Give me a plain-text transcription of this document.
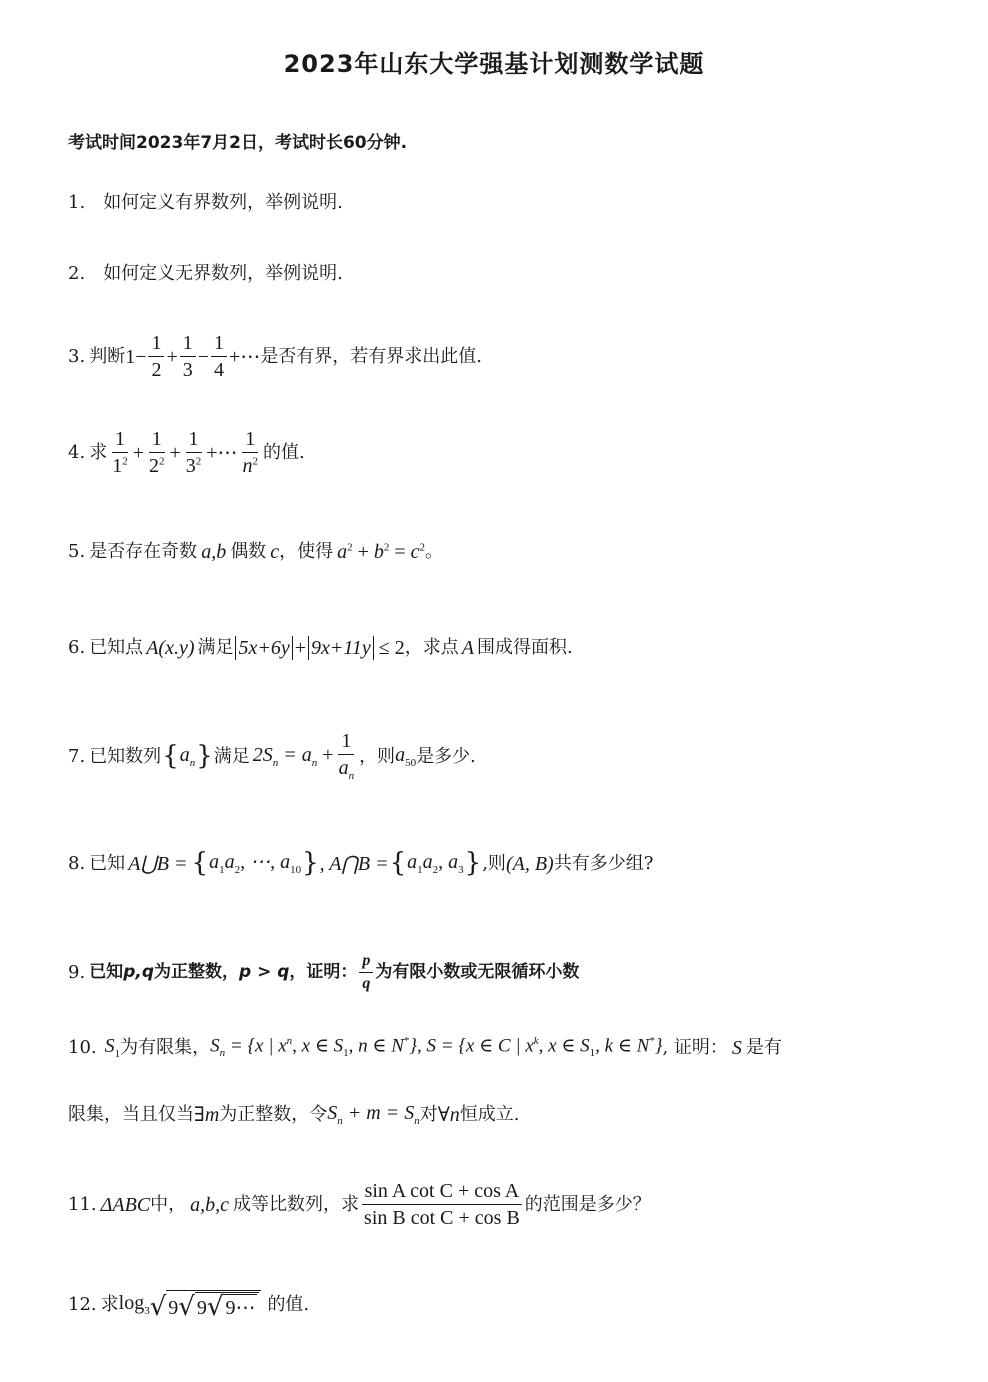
2023年山东大学强基计划测数学试题
考试时间2023年7月2日，考试时长60分钟.
1. 如何定义有界数列，举例说明.
2. 如何定义无界数列，举例说明.
3. 判断 $1 - \frac{1}{2} + \frac{1}{3} - \frac{1}{4}$ +⋯ 是否有界，若有界求出此值.
4. 求 $\frac{1}{1^2} + \frac{1}{2^2} + \frac{1}{3^2}$ +⋯ $\frac{1}{n^2}$ 的值.
5. 是否存在奇数 a,b 偶数 c ，使得 $a^2 + b^2 = c^2$ 。
6. 已知点 A(x.y) 满足 5x+6y + 9x+11y ≤ 2 ，求点 A 围成得面积.
7. 已知数列 { $a_n$ } 满足 $2S_n = a_n + \frac{1}{a_n}$ ，则 $a_{50}$ 是多少.
8. 已知 A⋃B = { $a_1a_2$, ⋯, $a_{10}$ } , A⋂B = { $a_1a_2$, $a_3$ } ,则 (A, B) 共有多少组?
9. 已知 p,q 为正整数， p > q ，证明： $\frac{p}{q}$ 为有限小数或无限循环小数
10. $S_1$ 为有限集， $S_n = \{x$ | $x^n$, x ∈ $S_1$, n ∈ N*}, S = {x ∈ C | $x^k$, x ∈ $S_1$, k ∈ N*} , 证明： S 是有
限集，当且仅当 ∃m 为正整数，令 $S_n + m = S_n$ 对 ∀n 恒成立.
11. ΔABC 中， a,b,c 成等比数列，求 $\frac{\text{sin A cot C + cos A}}{\text{sin B cot C + cos B}}$ 的范围是多少？
12. 求 $\log_3$ √ 9 √ 9 √ 9⋯ 的值.
